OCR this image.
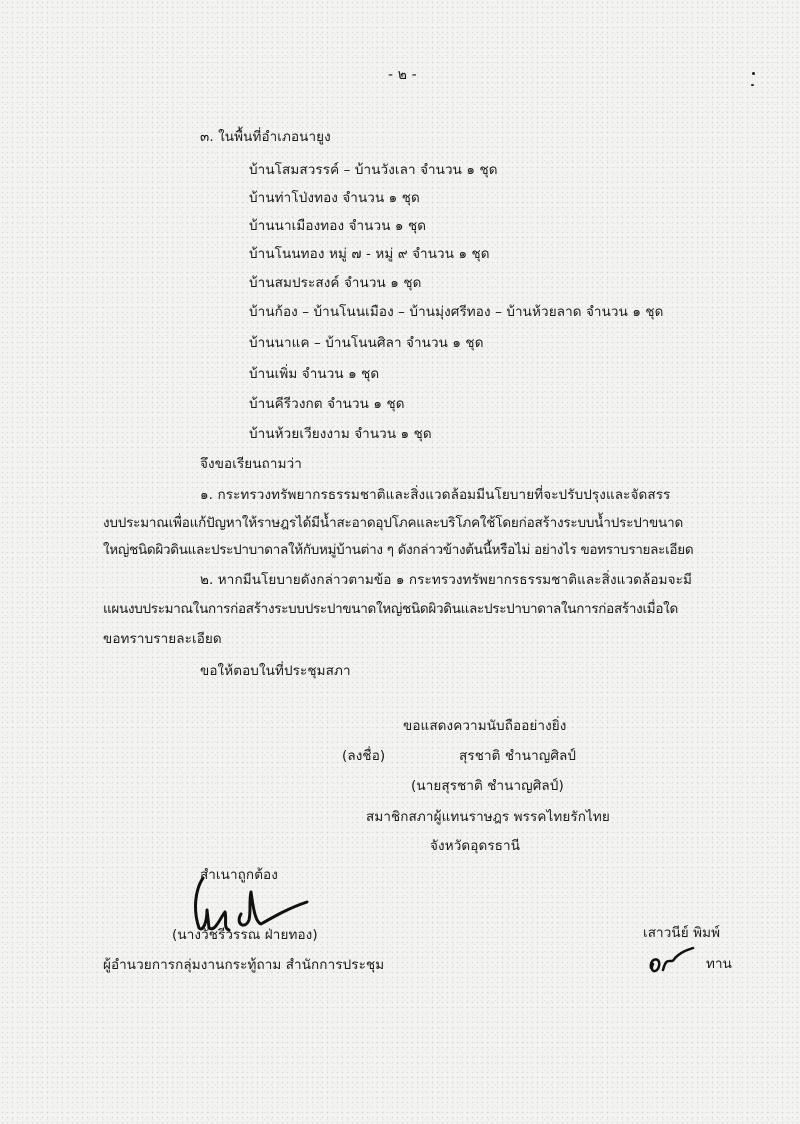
- ๒ -
๓. ในพื้นที่อำเภอนายูง
บ้านโสมสวรรค์ – บ้านวังเลา จำนวน ๑ ชุด
บ้านท่าโป่งทอง จำนวน ๑ ชุด
บ้านนาเมืองทอง จำนวน ๑ ชุด
บ้านโนนทอง หมู่ ๗ - หมู่ ๙ จำนวน ๑ ชุด
บ้านสมประสงค์ จำนวน ๑ ชุด
บ้านก้อง – บ้านโนนเมือง – บ้านมุ่งศรีทอง – บ้านห้วยลาด จำนวน ๑ ชุด
บ้านนาแค – บ้านโนนศิลา จำนวน ๑ ชุด
บ้านเพิ่ม จำนวน ๑ ชุด
บ้านคีรีวงกต จำนวน ๑ ชุด
บ้านห้วยเวียงงาม จำนวน ๑ ชุด
จึงขอเรียนถามว่า
๑. กระทรวงทรัพยากรธรรมชาติและสิ่งแวดล้อมมีนโยบายที่จะปรับปรุงและจัดสรร
งบประมาณเพื่อแก้ปัญหาให้ราษฎรได้มีน้ำสะอาดอุปโภคและบริโภคใช้โดยก่อสร้างระบบน้ำประปาขนาด
ใหญ่ชนิดผิวดินและประปาบาดาลให้กับหมู่บ้านต่าง ๆ ดังกล่าวข้างต้นนี้หรือไม่ อย่างไร ขอทราบรายละเอียด
๒. หากมีนโยบายดังกล่าวตามข้อ ๑ กระทรวงทรัพยากรธรรมชาติและสิ่งแวดล้อมจะมี
แผนงบประมาณในการก่อสร้างระบบประปาขนาดใหญ่ชนิดผิวดินและประปาบาดาลในการก่อสร้างเมื่อใด
ขอทราบรายละเอียด
ขอให้ตอบในที่ประชุมสภา
ขอแสดงความนับถืออย่างยิ่ง
(ลงชื่อ)	สุรชาติ ชำนาญศิลป์
(นายสุรชาติ ชำนาญศิลป์)
สมาชิกสภาผู้แทนราษฎร พรรคไทยรักไทย
จังหวัดอุดรธานี
สำเนาถูกต้อง
(นางวัชรีวรรณ ฝ่ายทอง)
ผู้อำนวยการกลุ่มงานกระทู้ถาม สำนักการประชุม
เสาวนีย์ พิมพ์
ทาน
